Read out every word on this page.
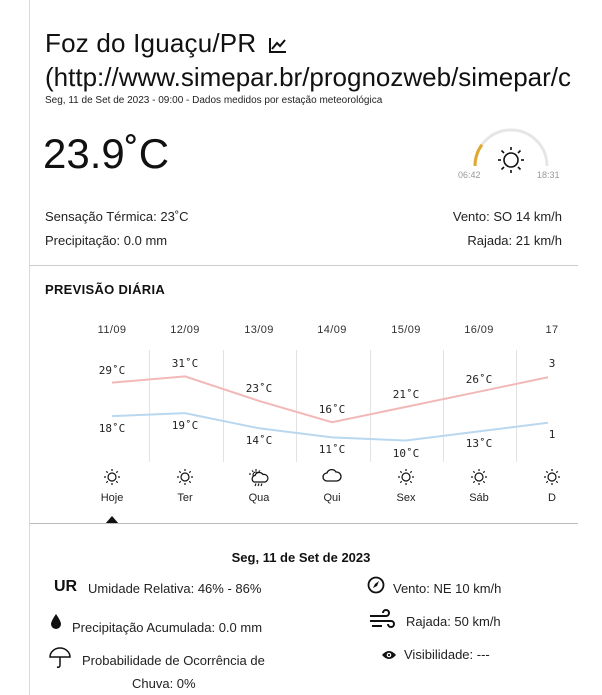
Foz do Iguaçu/PR
(http://www.simepar.br/prognozweb/simepar/c
Seg, 11 de Set de 2023 - 09:00 - Dados medidos por estação meteorológica
23.9˚C	06:42	18:31
Sensação Térmica: 23˚C
Precipitação: 0.0 mm
Vento: SO 14 km/h
Rajada: 21 km/h
PREVISÃO DIÁRIA
11/09
29˚C
18˚C
Hoje
12/09
31˚C
19˚C
Ter
13/09
23˚C
14˚C
Qua
14/09
16˚C
11˚C
Qui
15/09
21˚C
10˚C
Sex
16/09
26˚C
13˚C
Sáb
17
3
1
D
Seg, 11 de Set de 2023
UR Umidade Relativa: 46% - 86%
Precipitação Acumulada: 0.0 mm
Probabilidade de Ocorrência de
Chuva: 0%
Vento: NE 10 km/h
Rajada: 50 km/h
Visibilidade: ---
